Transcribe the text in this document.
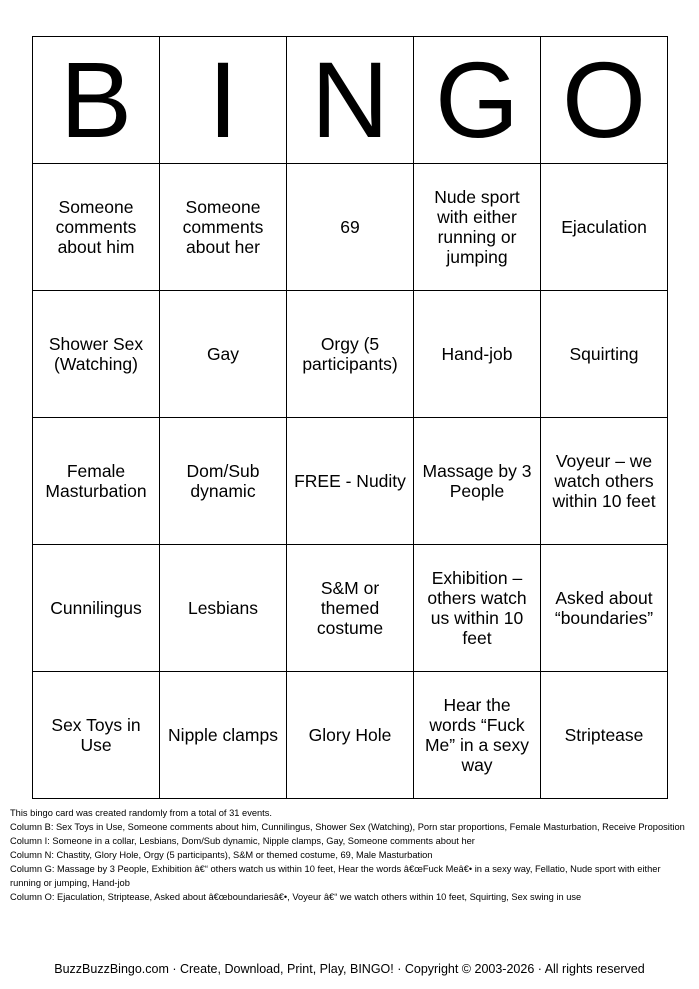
B	I	N	G	O
Someone comments about him	Someone comments about her	69	Nude sport with either running or jumping	Ejaculation
Shower Sex (Watching)	Gay	Orgy (5 participants)	Hand-job	Squirting
Female Masturbation	Dom/Sub dynamic	FREE - Nudity	Massage by 3 People	Voyeur – we watch others within 10 feet
Cunnilingus	Lesbians	S&M or themed costume	Exhibition – others watch us within 10 feet	Asked about “boundaries”
Sex Toys in Use	Nipple clamps	Glory Hole	Hear the words “Fuck Me” in a sexy way	Striptease
This bingo card was created randomly from a total of 31 events.
Column B: Sex Toys in Use, Someone comments about him, Cunnilingus, Shower Sex (Watching), Porn star proportions, Female Masturbation, Receive Proposition
Column I: Someone in a collar, Lesbians, Dom/Sub dynamic, Nipple clamps, Gay, Someone comments about her
Column N: Chastity, Glory Hole, Orgy (5 participants), S&M or themed costume, 69, Male Masturbation
Column G: Massage by 3 People, Exhibition â€“ others watch us within 10 feet, Hear the words â€œFuck Meâ€• in a sexy way, Fellatio, Nude sport with either running or jumping, Hand-job
Column O: Ejaculation, Striptease, Asked about â€œboundariesâ€•, Voyeur â€“ we watch others within 10 feet, Squirting, Sex swing in use
BuzzBuzzBingo.com · Create, Download, Print, Play, BINGO! · Copyright © 2003-2026 · All rights reserved
